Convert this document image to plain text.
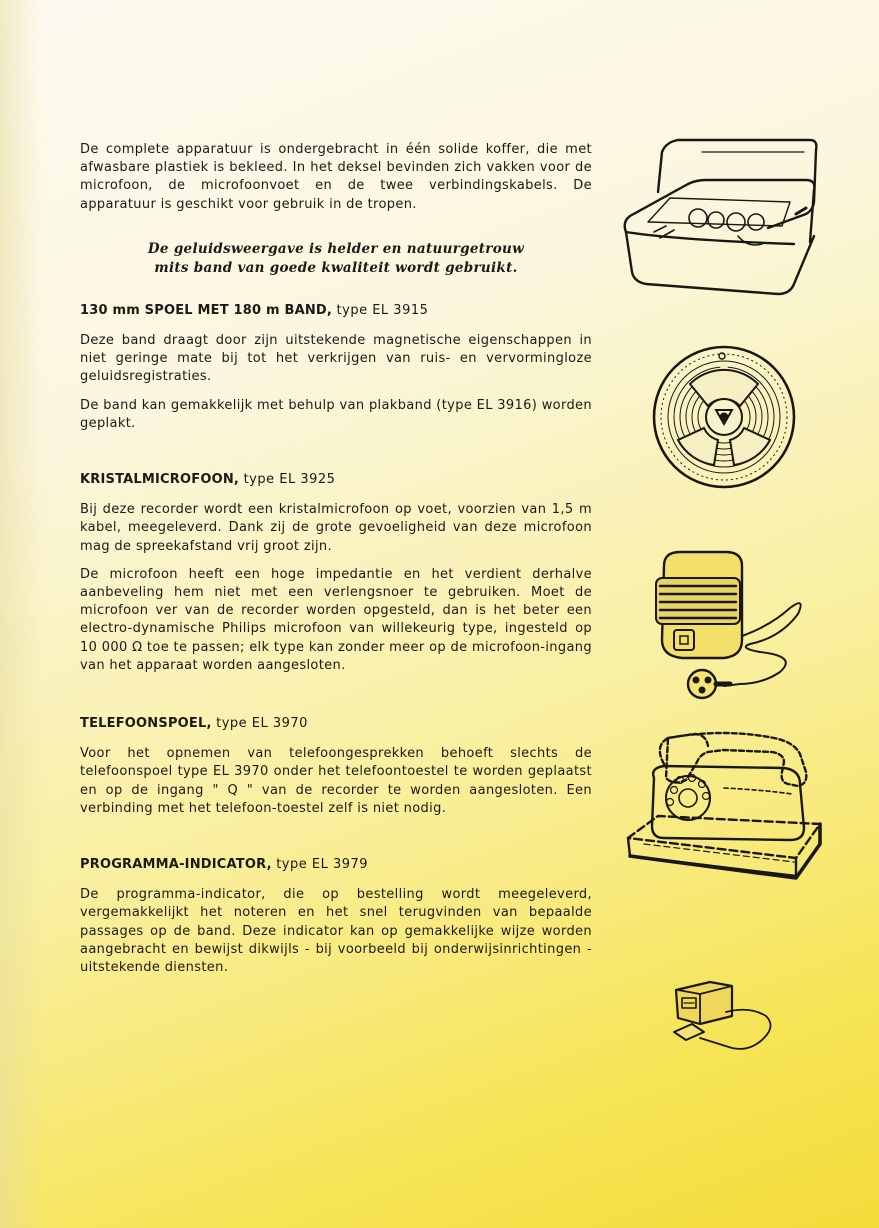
De complete apparatuur is ondergebracht in één solide koffer, die met afwasbare plastiek is bekleed. In het deksel bevinden zich vakken voor de microfoon, de microfoonvoet en de twee verbindingskabels. De apparatuur is geschikt voor gebruik in de tropen.

De geluidsweergave is helder en natuurgetrouw
mits band van goede kwaliteit wordt gebruikt.

130 mm SPOEL MET 180 m BAND, type EL 3915

Deze band draagt door zijn uitstekende magnetische eigenschappen in niet geringe mate bij tot het verkrijgen van ruis- en vervormingloze geluidsregistraties.

De band kan gemakkelijk met behulp van plakband (type EL 3916) worden geplakt.

KRISTALMICROFOON, type EL 3925

Bij deze recorder wordt een kristalmicrofoon op voet, voorzien van 1,5 m kabel, meegeleverd. Dank zij de grote gevoeligheid van deze microfoon mag de spreekafstand vrij groot zijn.

De microfoon heeft een hoge impedantie en het verdient derhalve aanbeveling hem niet met een verlengsnoer te gebruiken. Moet de microfoon ver van de recorder worden opgesteld, dan is het beter een electro-dynamische Philips microfoon van willekeurig type, ingesteld op 10 000 Ω toe te passen; elk type kan zonder meer op de microfoon-ingang van het apparaat worden aangesloten.

TELEFOONSPOEL, type EL 3970

Voor het opnemen van telefoongesprekken behoeft slechts de telefoonspoel type EL 3970 onder het telefoontoestel te worden geplaatst en op de ingang " Q " van de recorder te worden aangesloten. Een verbinding met het telefoon-toestel zelf is niet nodig.

PROGRAMMA-INDICATOR, type EL 3979

De programma-indicator, die op bestelling wordt meegeleverd, vergemakkelijkt het noteren en het snel terugvinden van bepaalde passages op de band. Deze indicator kan op gemakkelijke wijze worden aangebracht en bewijst dikwijls - bij voorbeeld bij onderwijsinrichtingen - uitstekende diensten.
